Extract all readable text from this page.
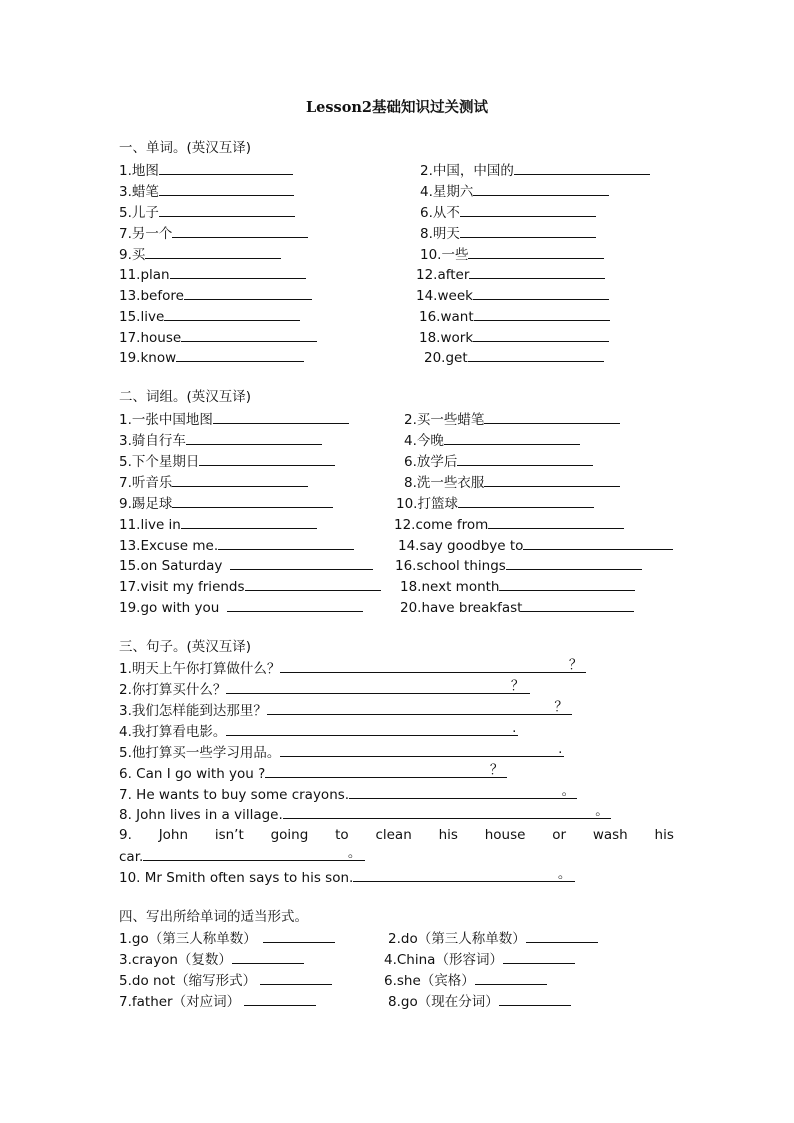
Lesson2基础知识过关测试
一、单词。(英汉互译)
1.地图	2.中国，中国的
3.蜡笔	4.星期六
5.儿子	6.从不
7.另一个	8.明天
9.买	10.一些
11.plan	12.after
13.before	14.week
15.live	16.want
17.house	18.work
19.know	20.get
二、词组。(英汉互译)
1.一张中国地图	2.买一些蜡笔
3.骑自行车	4.今晚
5.下个星期日	6.放学后
7.听音乐	8.洗一些衣服
9.踢足球	10.打篮球
11.live in	12.come from
13.Excuse me.	14.say goodbye to
15.on Saturday	16.school things
17.visit my friends	18.next month
19.go with you	20.have breakfast
三、句子。(英汉互译)
1.明天上午你打算做什么？	？
2.你打算买什么？	？
3.我们怎样能到达那里？	？
4.我打算看电影。	.
5.他打算买一些学习用品。	.
6. Can I go with you ?	？
7. He wants to buy some crayons.	。
8. John lives in a village.	。
9. John isn’t going to clean his house or wash his
car.	。
10. Mr Smith often says to his son.	。
四、写出所给单词的适当形式。
1.go（第三人称单数）	2.do（第三人称单数）
3.crayon（复数）	4.China（形容词）
5.do not（缩写形式）	6.she（宾格）
7.father（对应词）	8.go（现在分词）
